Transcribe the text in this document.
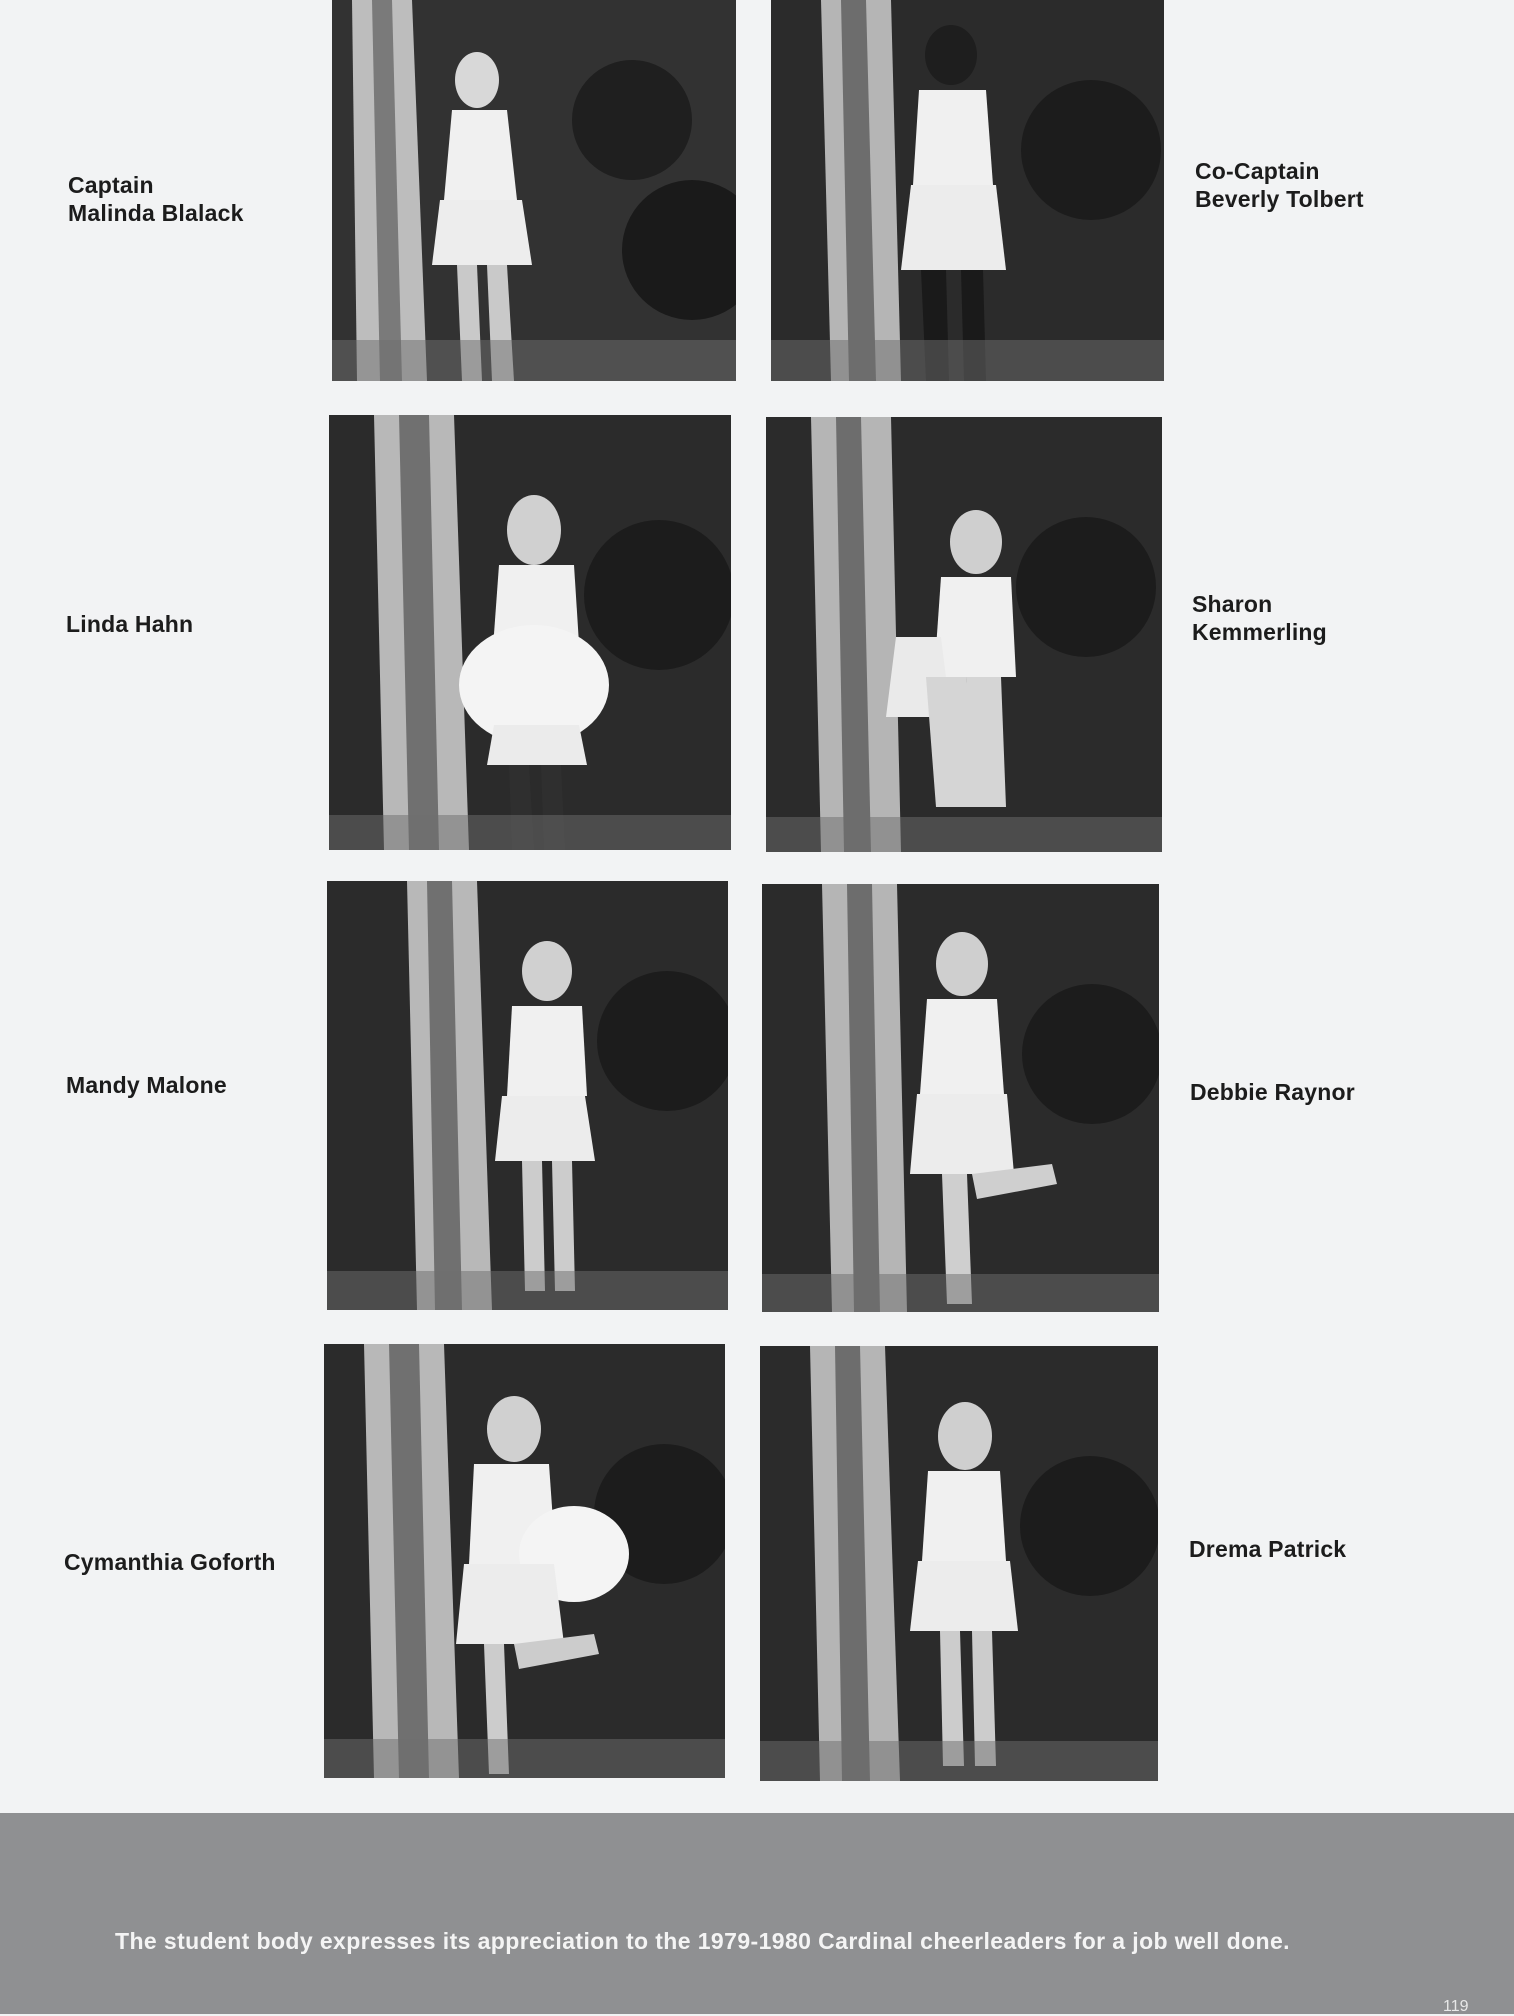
Captain
Malinda Blalack
Co-Captain
Beverly Tolbert
Linda Hahn
Sharon
Kemmerling
Mandy Malone	Debbie Raynor
Cymanthia Goforth	Drema Patrick
The student body expresses its appreciation to the 1979-1980 Cardinal cheerleaders for a job well done.
119
